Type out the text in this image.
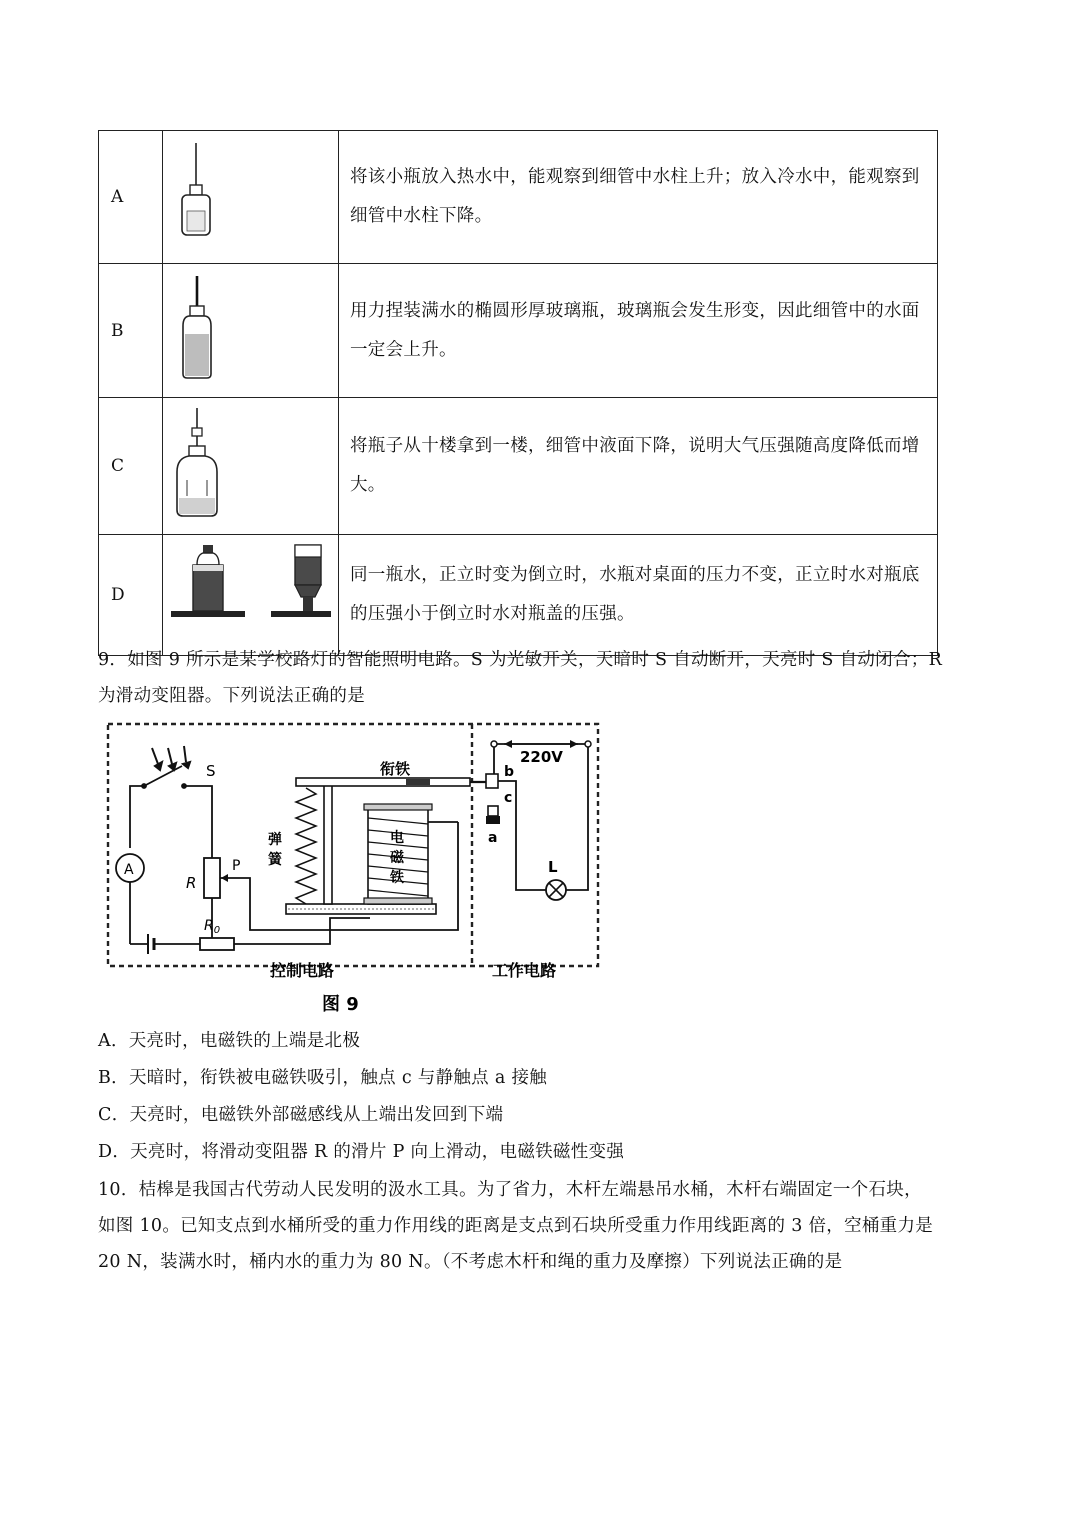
A		将该小瓶放入热水中，能观察到细管中水柱上升；放入冷水中，能观察到细管中水柱下降。
B		用力捏装满水的椭圆形厚玻璃瓶，玻璃瓶会发生形变，因此细管中的水面一定会上升。
C		将瓶子从十楼拿到一楼，细管中液面下降，说明大气压强随高度降低而增大。
D		同一瓶水，正立时变为倒立时，水瓶对桌面的压力不变，正立时水对瓶底的压强小于倒立时水对瓶盖的压强。
9．如图 9 所示是某学校路灯的智能照明电路。S 为光敏开关，天暗时 S 自动断开，天亮时 S 自动闭合；R
为滑动变阻器。下列说法正确的是
S
A
R
P
$R_0$
弹
簧
衔铁
电
磁
铁
b
c
a
220V
L
控制电路	工作电路
图 9
A．天亮时，电磁铁的上端是北极
B．天暗时，衔铁被电磁铁吸引，触点 c 与静触点 a 接触
C．天亮时，电磁铁外部磁感线从上端出发回到下端
D．天亮时，将滑动变阻器 R 的滑片 P 向上滑动，电磁铁磁性变强
10．桔槔是我国古代劳动人民发明的汲水工具。为了省力，木杆左端悬吊水桶，木杆右端固定一个石块，
如图 10。已知支点到水桶所受的重力作用线的距离是支点到石块所受重力作用线距离的 3 倍，空桶重力是
20 N，装满水时，桶内水的重力为 80 N。（不考虑木杆和绳的重力及摩擦）下列说法正确的是
